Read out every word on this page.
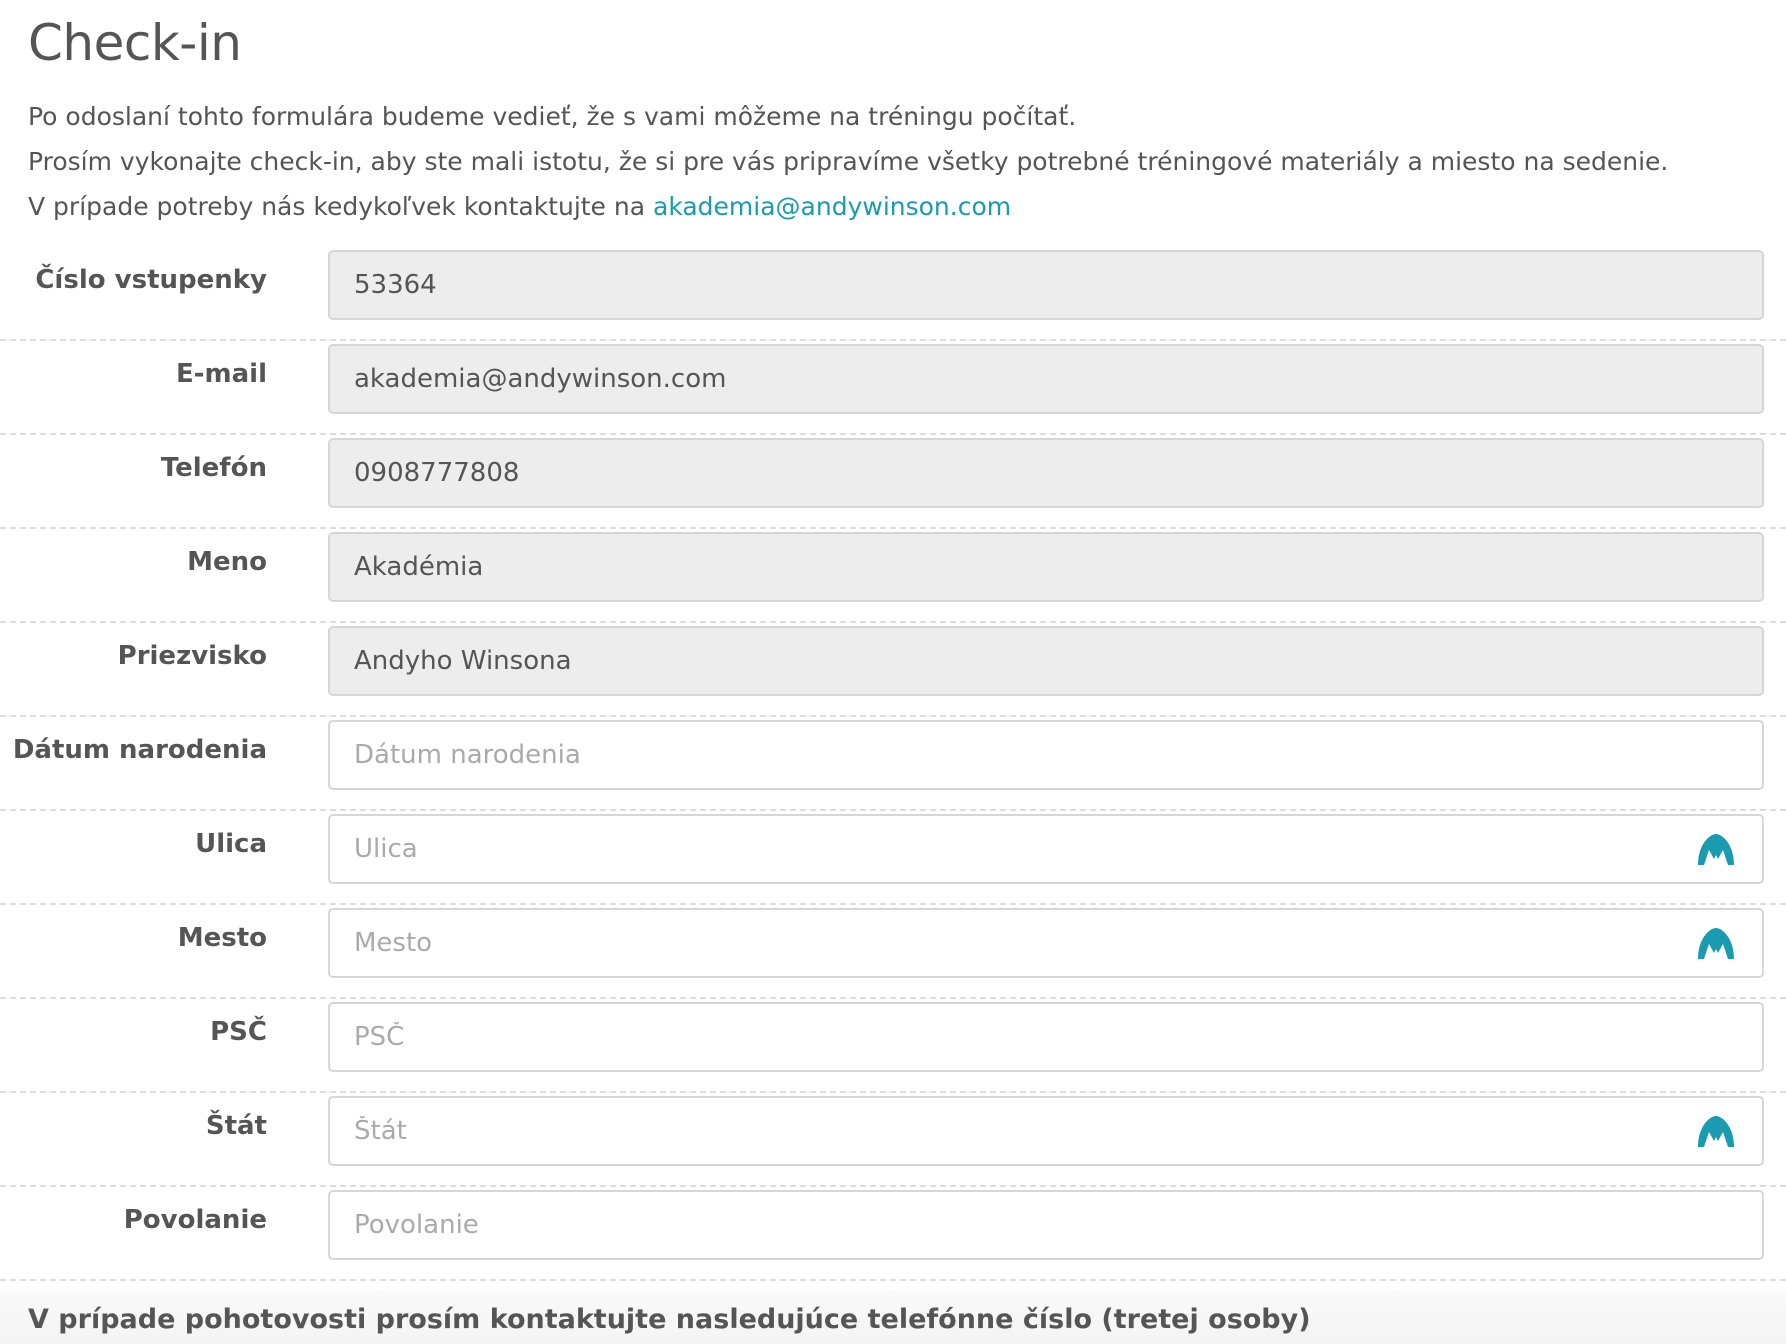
Check-in

Po odoslaní tohto formulára budeme vedieť, že s vami môžeme na tréningu počítať.

Prosím vykonajte check-in, aby ste mali istotu, že si pre vás pripravíme všetky potrebné tréningové materiály a miesto na sedenie.

V prípade potreby nás kedykoľvek kontaktujte na akademia@andywinson.com

Číslo vstupenky
53364
E-mail
akademia@andywinson.com
Telefón
0908777808
Meno
Akadémia
Priezvisko
Andyho Winsona
Dátum narodenia
Dátum narodenia
Ulica
Ulica
Mesto
Mesto
PSČ
PSČ
Štát
Štát
Povolanie
Povolanie
V prípade pohotovosti prosím kontaktujte nasledujúce telefónne číslo (tretej osoby)
